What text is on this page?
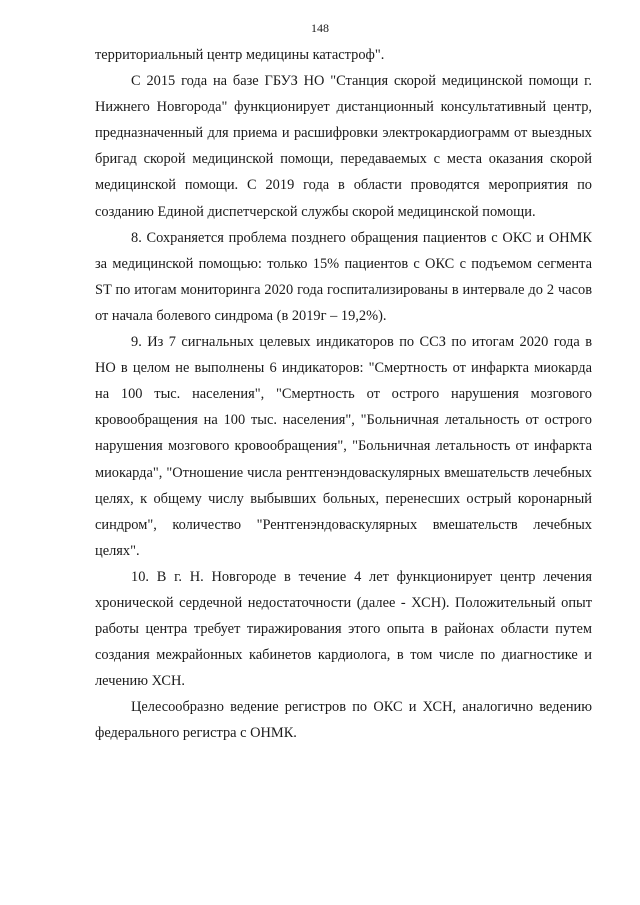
148

территориальный центр медицины катастроф".

С 2015 года на базе ГБУЗ НО "Станция скорой медицинской помощи г. Нижнего Новгорода" функционирует дистанционный консультативный центр, предназначенный для приема и расшифровки электрокардиограмм от выездных бригад скорой медицинской помощи, передаваемых с места оказания скорой медицинской помощи. С 2019 года в области проводятся мероприятия по созданию Единой диспетчерской службы скорой медицинской помощи.

8. Сохраняется проблема позднего обращения пациентов с ОКС и ОНМК за медицинской помощью: только 15% пациентов с ОКС с подъемом сегмента ST по итогам мониторинга 2020 года госпитализированы в интервале до 2 часов от начала болевого синдрома (в 2019г – 19,2%).

9. Из 7 сигнальных целевых индикаторов по ССЗ по итогам 2020 года в НО в целом не выполнены 6 индикаторов: "Смертность от инфаркта миокарда на 100 тыс. населения", "Смертность от острого нарушения мозгового кровообращения на 100 тыс. населения", "Больничная летальность от острого нарушения мозгового кровообращения", "Больничная летальность от инфаркта миокарда", "Отношение числа рентгенэндоваскулярных вмешательств лечебных целях, к общему числу выбывших больных, перенесших острый коронарный синдром", количество "Рентгенэндоваскулярных вмешательств лечебных целях".

10. В г. Н. Новгороде в течение 4 лет функционирует центр лечения хронической сердечной недостаточности (далее - ХСН). Положительный опыт работы центра требует тиражирования этого опыта в районах области путем создания межрайонных кабинетов кардиолога, в том числе по диагностике и лечению ХСН.

Целесообразно ведение регистров по ОКС и ХСН, аналогично ведению федерального регистра с ОНМК.
